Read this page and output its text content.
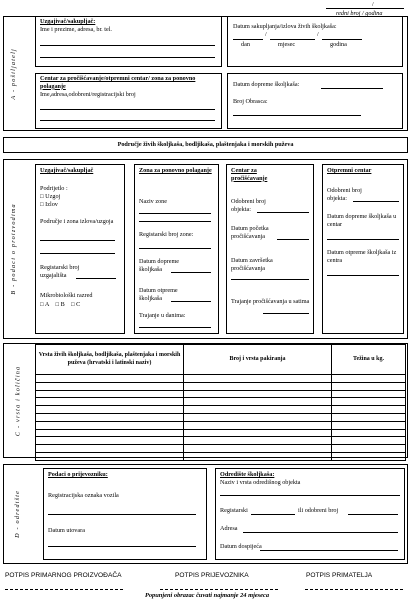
/
redni broj / godina
A - pošiljatelj
Uzgajivač/sakupljač:
Ime i prezime, adresa, br. tel.	Datum sakupljanja/izlova živih školjkaša:
/	/
dan	mjesec	godina
Centar za pročišćavanje/otpremni centar/ zona za ponovno polaganje
Ime,adresa,odobreni/registracijski broj
Datum dopreme školjkaša:
Broj Obrasca:
Područje živih školjkaša, bodljikaša, plaštenjaka i morskih puževa
B - podaci o proizvodima
Uzgajivač/sakupljač
Podrijetlo :
□ Uzgoj
□ Izlov
Područje i zona izlova/uzgoja
Registarski broj uzgajališta
Mikrobiološki razred
□ A □ B □ C
Zona za ponovno polaganje
Naziv zone
Registarski broj zone:
Datum dopreme školjkaša
Datum otpreme školjkaša
Trajanje u danima:
Centar za pročišćavanje
Odobreni broj objekta:
Datum početka pročišćavanja
Datum završetka pročišćavanja
Trajanje pročišćavanja u satima
Otpremni centar
Odobreni broj objekta:
Datum dopreme školjkaša u centar
Datum otpreme školjkaša iz centra
C - vrsta i količina
Vrsta živih školjkaša, bodljikaša, plaštenjaka i morskih puževa (hrvatski i latinski naziv)	Broj i vrsta pakiranja	Težina u kg.

D - odredište
Podaci o prijevozniku:
Registracijska oznaka vozila
Datum utovara
Odredište školjkaša:
Naziv i vrsta odredišnog objekta
Registarski	ili odobreni broj
Adresa
Datum dospijeća
POTPIS PRIMARNOG PROIZVOĐAČA	POTPIS PRIJEVOZNIKA	POTPIS PRIMATELJA
Popunjeni obrazac čuvati najmanje 24 mjeseca
